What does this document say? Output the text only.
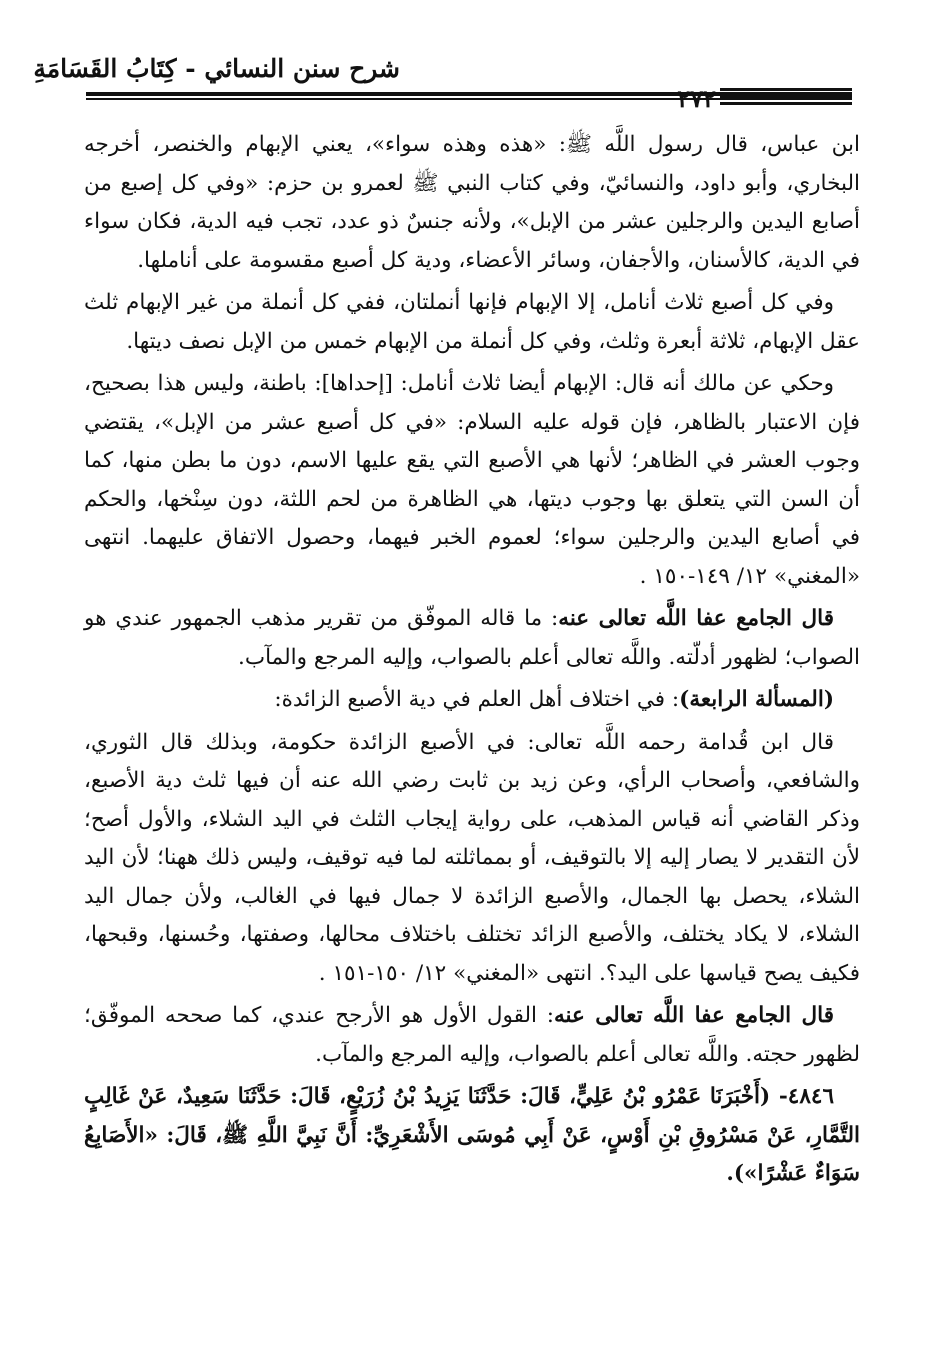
شرح سنن النسائي - كِتَابُ القَسَامَةِ
٢٧٢

ابن عباس، قال رسول اللَّه ﷺ: «هذه وهذه سواء»، يعني الإبهام والخنصر، أخرجه البخاري، وأبو داود، والنسائيّ، وفي كتاب النبي ﷺ لعمرو بن حزم: «وفي كل إصبع من أصابع اليدين والرجلين عشر من الإبل»، ولأنه جنسٌ ذو عدد، تجب فيه الدية، فكان سواء في الدية، كالأسنان، والأجفان، وسائر الأعضاء، ودية كل أصبع مقسومة على أناملها.

وفي كل أصبع ثلاث أنامل، إلا الإبهام فإنها أنملتان، ففي كل أنملة من غير الإبهام ثلث عقل الإبهام، ثلاثة أبعرة وثلث، وفي كل أنملة من الإبهام خمس من الإبل نصف ديتها.

وحكي عن مالك أنه قال: الإبهام أيضا ثلاث أنامل: [إحداها]: باطنة، وليس هذا بصحيح، فإن الاعتبار بالظاهر، فإن قوله عليه السلام: «في كل أصبع عشر من الإبل»، يقتضي وجوب العشر في الظاهر؛ لأنها هي الأصبع التي يقع عليها الاسم، دون ما بطن منها، كما أن السن التي يتعلق بها وجوب ديتها، هي الظاهرة من لحم اللثة، دون سِنْخها، والحكم في أصابع اليدين والرجلين سواء؛ لعموم الخبر فيهما، وحصول الاتفاق عليهما. انتهى «المغني» ١٢/ ١٤٩-١٥٠ .

قال الجامع عفا اللَّه تعالى عنه: ما قاله الموفّق من تقرير مذهب الجمهور عندي هو الصواب؛ لظهور أدلّته. واللَّه تعالى أعلم بالصواب، وإليه المرجع والمآب.

(المسألة الرابعة): في اختلاف أهل العلم في دية الأصبع الزائدة:

قال ابن قُدامة رحمه اللَّه تعالى: في الأصبع الزائدة حكومة، وبذلك قال الثوري، والشافعي، وأصحاب الرأي، وعن زيد بن ثابت رضي الله عنه أن فيها ثلث دية الأصبع، وذكر القاضي أنه قياس المذهب، على رواية إيجاب الثلث في اليد الشلاء، والأول أصح؛ لأن التقدير لا يصار إليه إلا بالتوقيف، أو بمماثلته لما فيه توقيف، وليس ذلك ههنا؛ لأن اليد الشلاء، يحصل بها الجمال، والأصبع الزائدة لا جمال فيها في الغالب، ولأن جمال اليد الشلاء، لا يكاد يختلف، والأصبع الزائد تختلف باختلاف محالها، وصفتها، وحُسنها، وقبحها، فكيف يصح قياسها على اليد؟. انتهى «المغني» ١٢/ ١٥٠-١٥١ .

قال الجامع عفا اللَّه تعالى عنه: القول الأول هو الأرجح عندي، كما صححه الموفّق؛ لظهور حجته. واللَّه تعالى أعلم بالصواب، وإليه المرجع والمآب.

٤٨٤٦- (أَخْبَرَنَا عَمْرُو بْنُ عَلِيٍّ، قَالَ: حَدَّثَنَا يَزِيدُ بْنُ زُرَيْعٍ، قَالَ: حَدَّثَنَا سَعِيدٌ، عَنْ غَالِبٍ التَّمَّارِ، عَنْ مَسْرُوقِ بْنِ أَوْسٍ، عَنْ أَبِي مُوسَى الأَشْعَرِيِّ: أَنَّ نَبِيَّ اللَّهِ ﷺ، قَالَ: «الأَصَابِعُ سَوَاءٌ عَشْرًا»).
